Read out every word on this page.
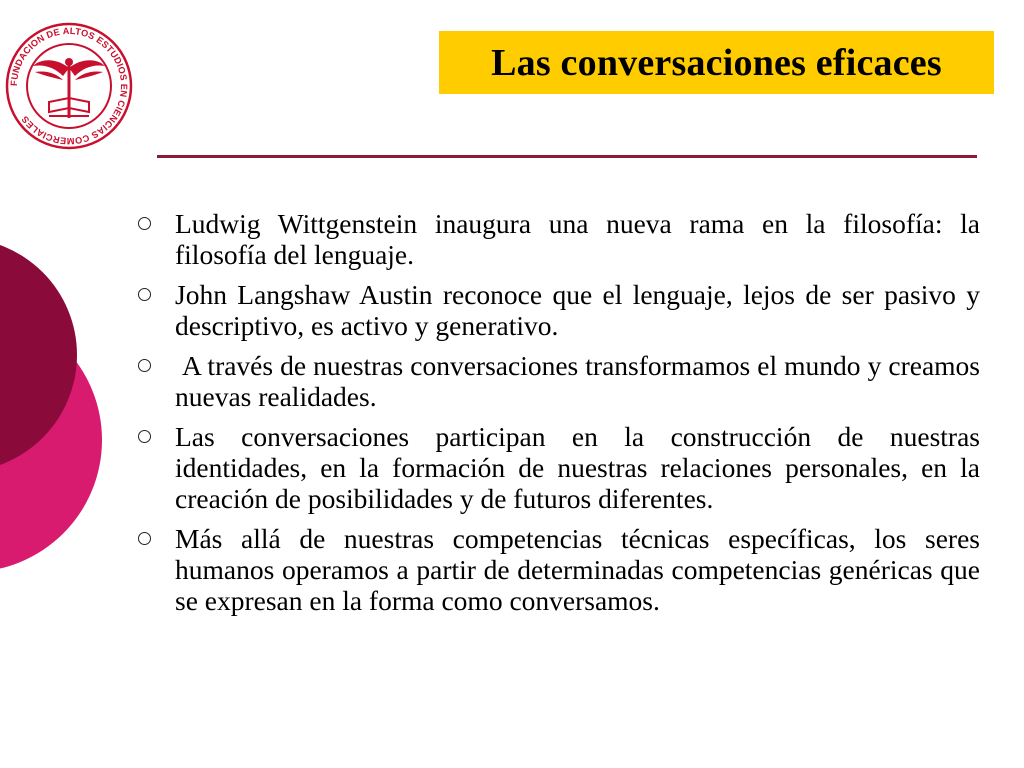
FUNDACION DE ALTOS ESTUDIOS EN CIENCIAS COMERCIALES
Las conversaciones eficaces
Ludwig Wittgenstein inaugura una nueva rama en la filosofía: la filosofía del lenguaje.
John Langshaw Austin reconoce que el lenguaje, lejos de ser pasivo y descriptivo, es activo y generativo.
A través de nuestras conversaciones transformamos el mundo y creamos nuevas realidades.
Las conversaciones participan en la construcción de nuestras identidades, en la formación de nuestras relaciones personales, en la creación de posibilidades y de futuros diferentes.
Más allá de nuestras competencias técnicas específicas, los seres humanos operamos a partir de determinadas competencias genéricas que se expresan en la forma como conversamos.
